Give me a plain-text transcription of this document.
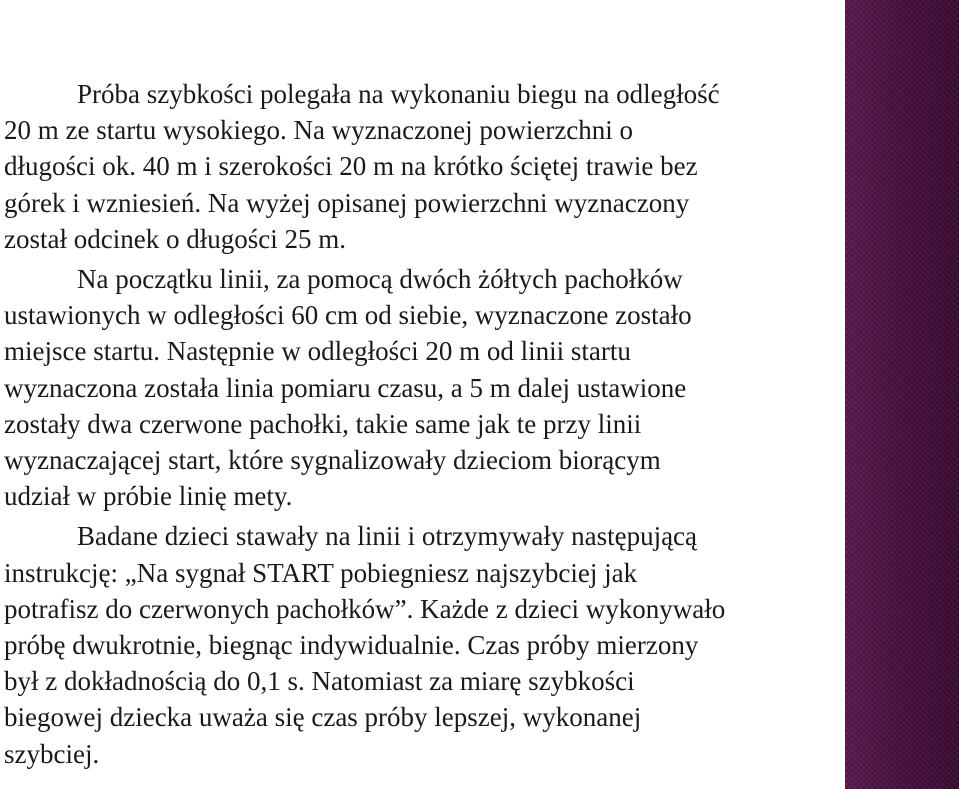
Próba szybkości polegała na wykonaniu biegu na odległość
20 m ze startu wysokiego. Na wyznaczonej powierzchni o
długości ok. 40 m i szerokości 20 m na krótko ściętej trawie bez
górek i wzniesień. Na wyżej opisanej powierzchni wyznaczony
został odcinek o długości 25 m.

Na początku linii, za pomocą dwóch żółtych pachołków
ustawionych w odległości 60 cm od siebie, wyznaczone zostało
miejsce startu. Następnie w odległości 20 m od linii startu
wyznaczona została linia pomiaru czasu, a 5 m dalej ustawione
zostały dwa czerwone pachołki, takie same jak te przy linii
wyznaczającej start, które sygnalizowały dzieciom biorącym
udział w próbie linię mety.

Badane dzieci stawały na linii i otrzymywały następującą
instrukcję: „Na sygnał START pobiegniesz najszybciej jak
potrafisz do czerwonych pachołków”. Każde z dzieci wykonywało
próbę dwukrotnie, biegnąc indywidualnie. Czas próby mierzony
był z dokładnością do 0,1 s. Natomiast za miarę szybkości
biegowej dziecka uważa się czas próby lepszej, wykonanej
szybciej.
